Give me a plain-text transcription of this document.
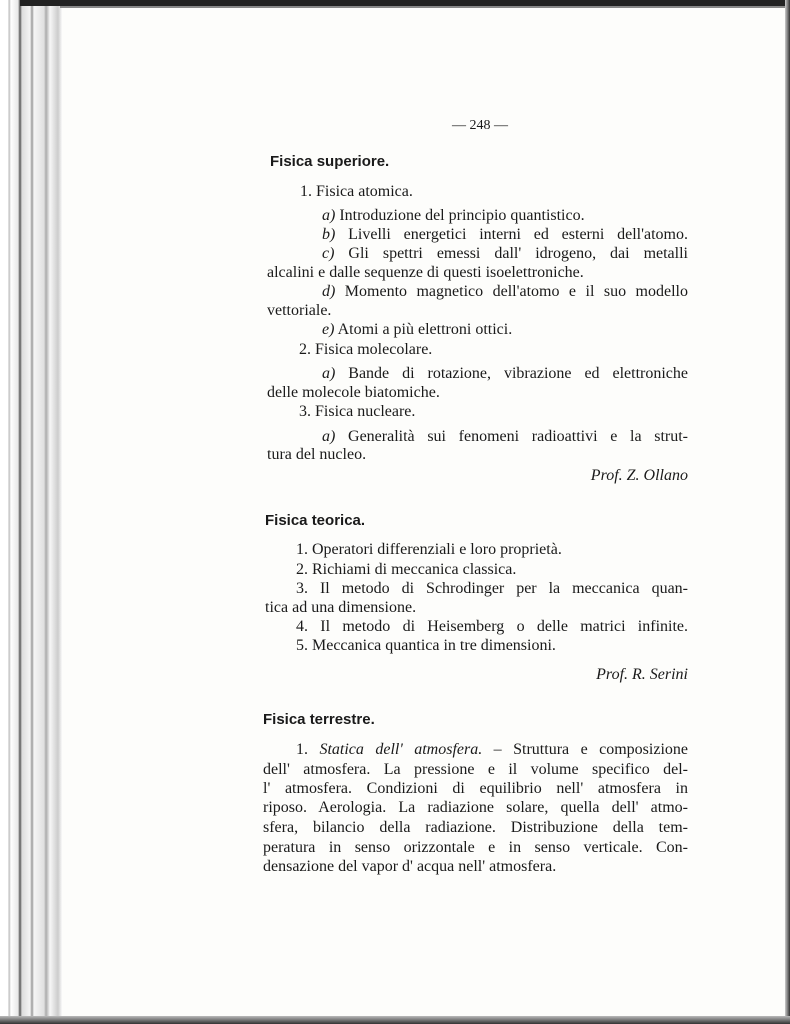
— 248 —
Fisica superiore.
1. Fisica atomica.
a) Introduzione del principio quantistico.
b) Livelli energetici interni ed esterni dell'atomo.
c) Gli spettri emessi dall' idrogeno, dai metalli
alcalini e dalle sequenze di questi isoelettroniche.
d) Momento magnetico dell'atomo e il suo modello
vettoriale.
e) Atomi a più elettroni ottici.
2. Fisica molecolare.
a) Bande di rotazione, vibrazione ed elettroniche
delle molecole biatomiche.
3. Fisica nucleare.
a) Generalità sui fenomeni radioattivi e la strut-
tura del nucleo.
Prof. Z. Ollano
Fisica teorica.
1. Operatori differenziali e loro proprietà.
2. Richiami di meccanica classica.
3. Il metodo di Schrodinger per la meccanica quan-
tica ad una dimensione.
4. Il metodo di Heisemberg o delle matrici infinite.
5. Meccanica quantica in tre dimensioni.
Prof. R. Serini
Fisica terrestre.
1. Statica dell' atmosfera. – Struttura e composizione
dell' atmosfera. La pressione e il volume specifico del-
l' atmosfera. Condizioni di equilibrio nell' atmosfera in
riposo. Aerologia. La radiazione solare, quella dell' atmo-
sfera, bilancio della radiazione. Distribuzione della tem-
peratura in senso orizzontale e in senso verticale. Con-
densazione del vapor d' acqua nell' atmosfera.
